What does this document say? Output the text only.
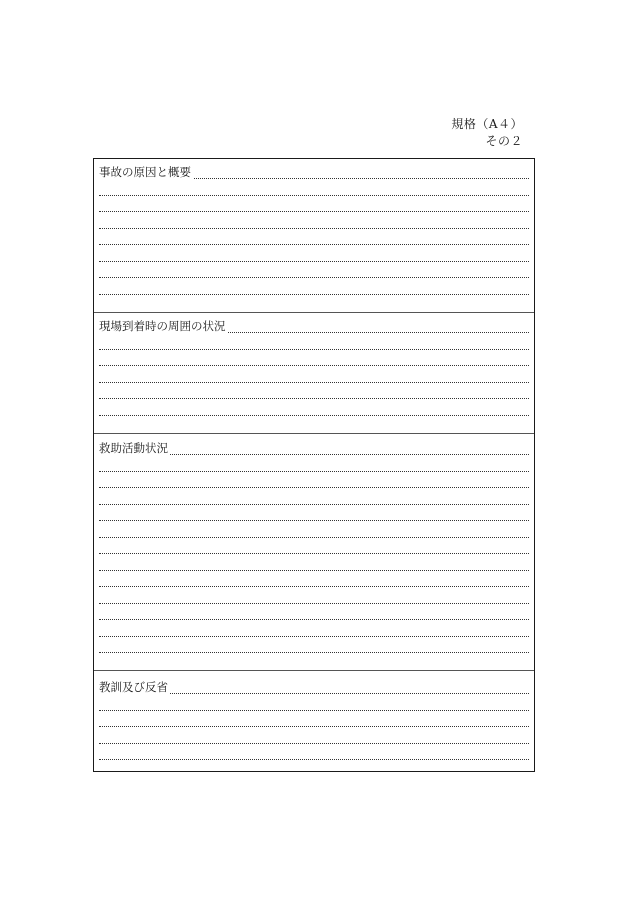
規格（A４）
その２
事故の原因と概要
現場到着時の周囲の状況
救助活動状況
教訓及び反省
